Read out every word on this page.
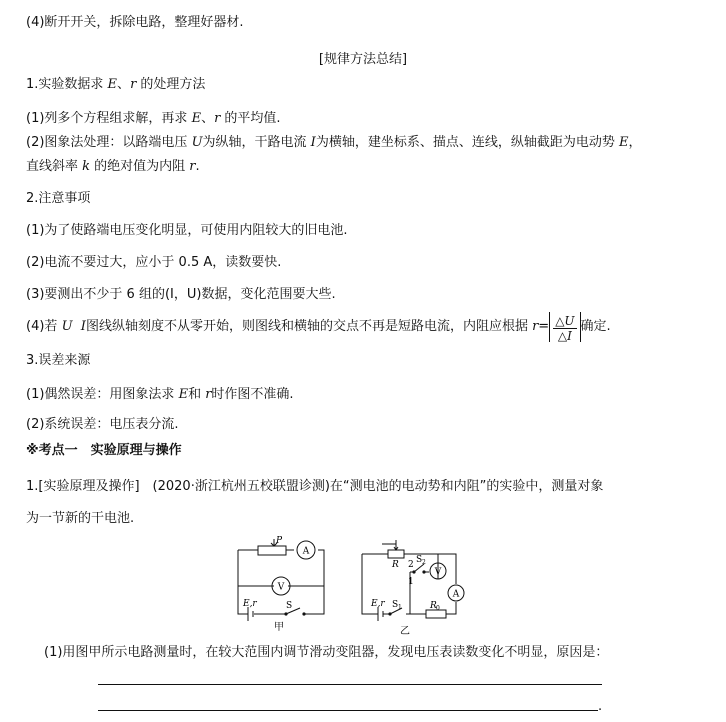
(4)断开开关，拆除电路，整理好器材.
[规律方法总结]
1.实验数据求 E、r 的处理方法
(1)列多个方程组求解，再求 E、r 的平均值.
(2)图象法处理：以路端电压 U为纵轴，干路电流 I为横轴，建坐标系、描点、连线，纵轴截距为电动势 E，
直线斜率 k 的绝对值为内阻 r.
2.注意事项
(1)为了使路端电压变化明显，可使用内阻较大的旧电池.
(2)电流不要过大，应小于 0.5 A，读数要快.
(3)要测出不少于 6 组的(I，U)数据，变化范围要大些.
(4)若 U I图线纵轴刻度不从零开始，则图线和横轴的交点不再是短路电流，内阻应根据 $r= \frac{\triangle U}{\triangle I}$ 确定.
3.误差来源
(1)偶然误差：用图象法求 E和 r时作图不准确.
(2)系统误差：电压表分流.
※考点一　实验原理与操作
1.[实验原理及操作]　(2020·浙江杭州五校联盟诊测)在“测电池的电动势和内阻”的实验中，测量对象
为一节新的干电池.
P
A
V
E,r	S
甲
R 2
1
S 2
V
A
E,r S 1	R 0
乙
(1)用图甲所示电路测量时，在较大范围内调节滑动变阻器，发现电压表读数变化不明显，原因是：
.
